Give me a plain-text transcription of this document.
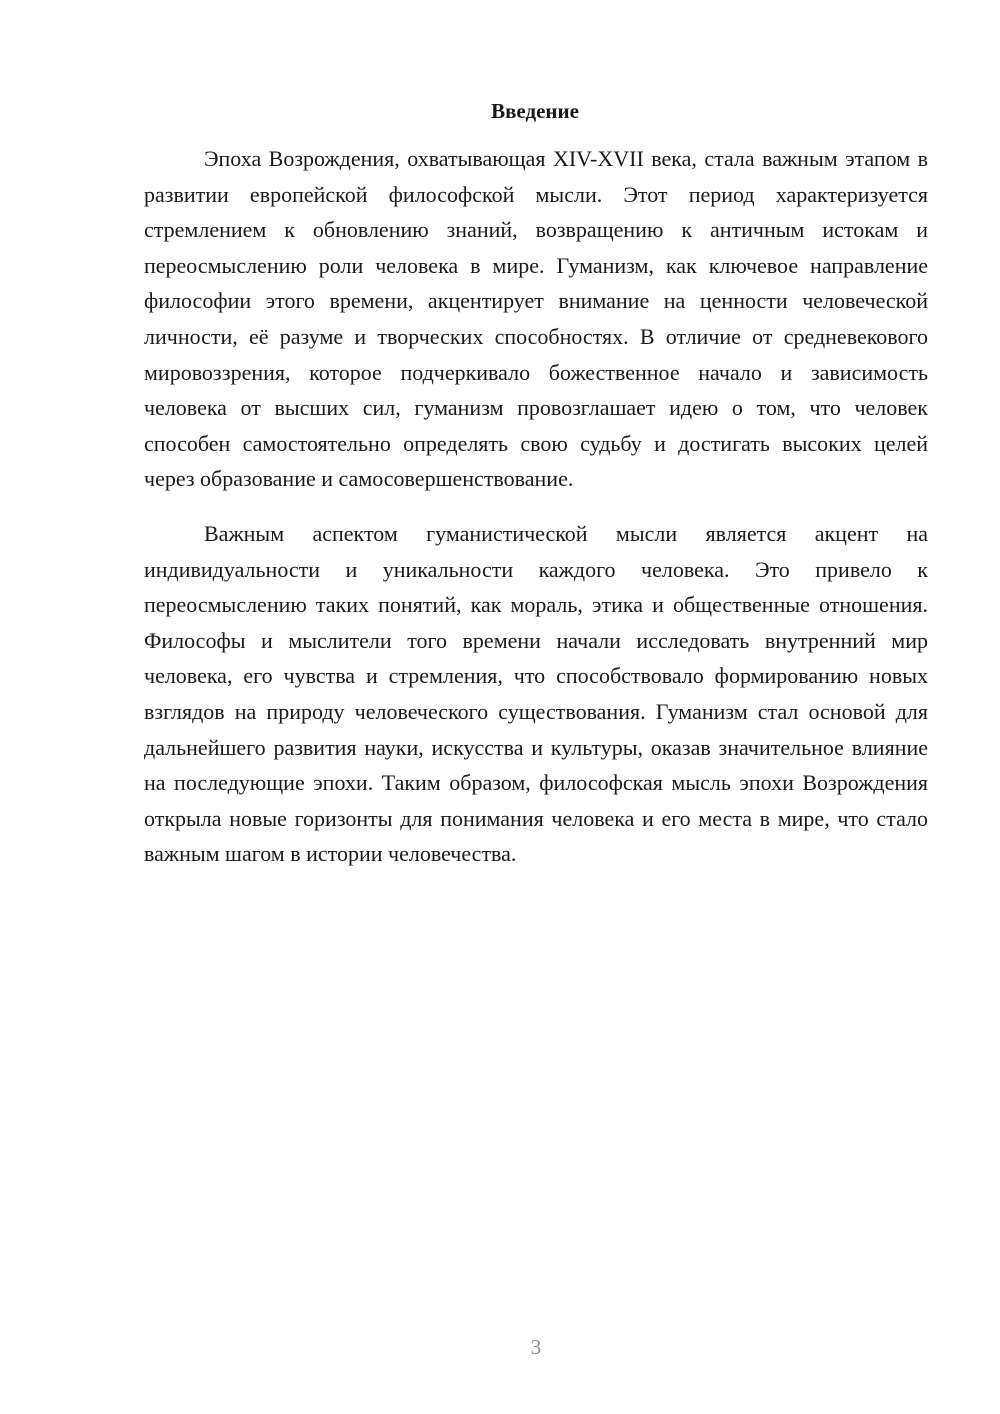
Введение

Эпоха Возрождения, охватывающая XIV-XVII века, стала важным этапом в развитии европейской философской мысли. Этот период характеризуется стремлением к обновлению знаний, возвращению к античным истокам и переосмыслению роли человека в мире. Гуманизм, как ключевое направление философии этого времени, акцентирует внимание на ценности человеческой личности, её разуме и творческих способностях. В отличие от средневекового мировоззрения, которое подчеркивало божественное начало и зависимость человека от высших сил, гуманизм провозглашает идею о том, что человек способен самостоятельно определять свою судьбу и достигать высоких целей через образование и самосовершенствование.

Важным аспектом гуманистической мысли является акцент на индивидуальности и уникальности каждого человека. Это привело к переосмыслению таких понятий, как мораль, этика и общественные отношения. Философы и мыслители того времени начали исследовать внутренний мир человека, его чувства и стремления, что способствовало формированию новых взглядов на природу человеческого существования. Гуманизм стал основой для дальнейшего развития науки, искусства и культуры, оказав значительное влияние на последующие эпохи. Таким образом, философская мысль эпохи Возрождения открыла новые горизонты для понимания человека и его места в мире, что стало важным шагом в истории человечества.

3
